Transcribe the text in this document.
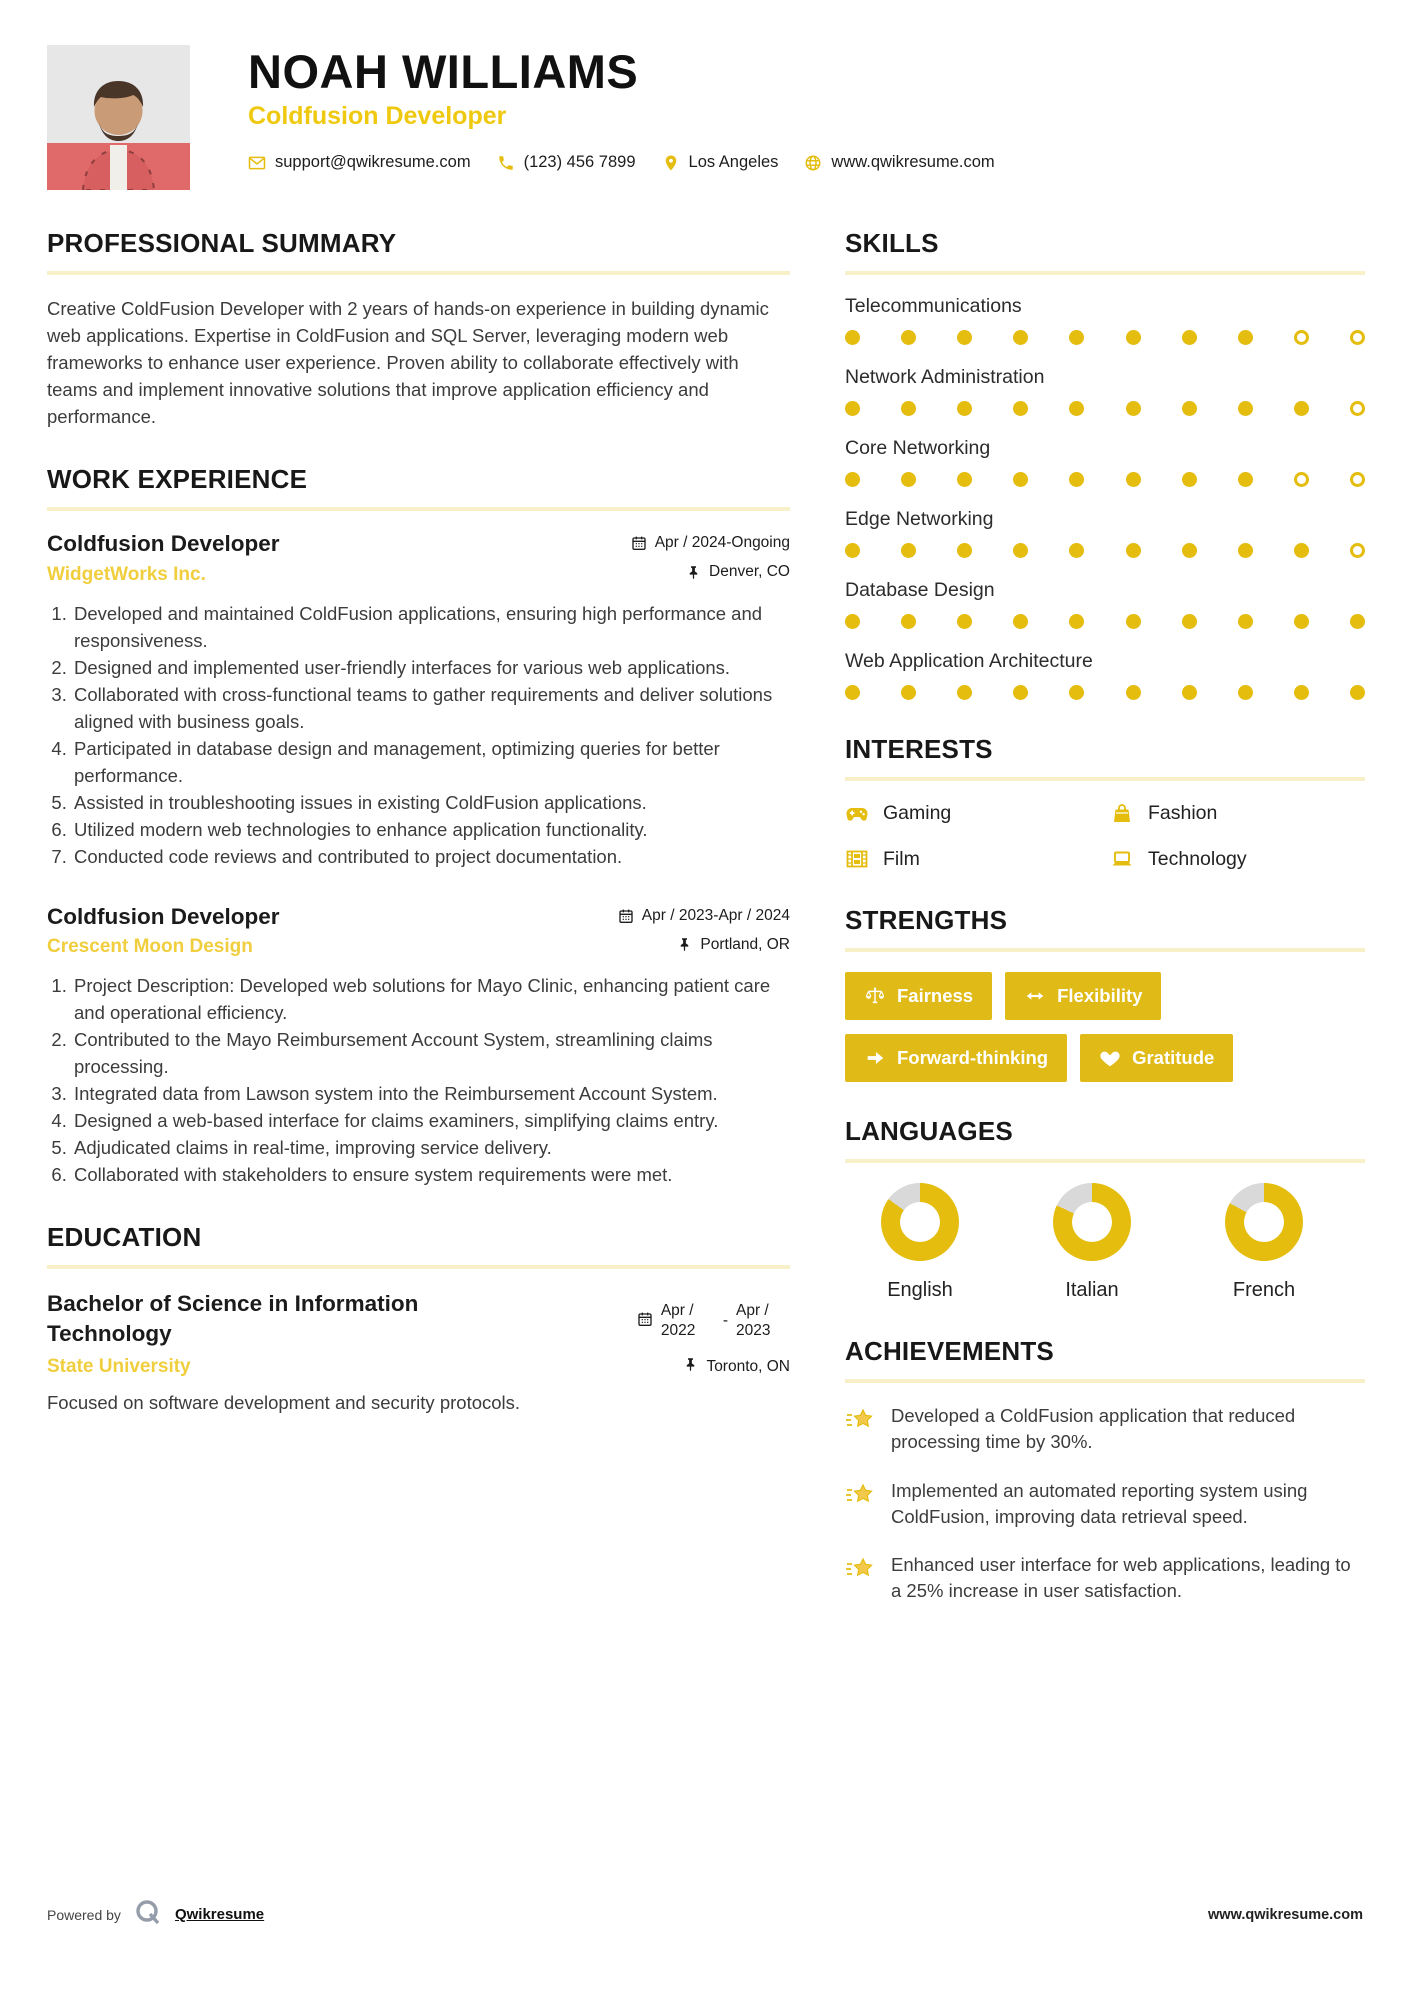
NOAH WILLIAMS
Coldfusion Developer
support@qwikresume.com	(123) 456 7899	Los Angeles	www.qwikresume.com
PROFESSIONAL SUMMARY

Creative ColdFusion Developer with 2 years of hands-on experience in building dynamic web applications. Expertise in ColdFusion and SQL Server, leveraging modern web frameworks to enhance user experience. Proven ability to collaborate effectively with teams and implement innovative solutions that improve application efficiency and performance.

WORK EXPERIENCE
Coldfusion Developer	Apr / 2024-Ongoing
WidgetWorks Inc.	Denver, CO
1. Developed and maintained ColdFusion applications, ensuring high performance and responsiveness.
2. Designed and implemented user-friendly interfaces for various web applications.
3. Collaborated with cross-functional teams to gather requirements and deliver solutions aligned with business goals.
4. Participated in database design and management, optimizing queries for better performance.
5. Assisted in troubleshooting issues in existing ColdFusion applications.
6. Utilized modern web technologies to enhance application functionality.
7. Conducted code reviews and contributed to project documentation.
Coldfusion Developer	Apr / 2023-Apr / 2024
Crescent Moon Design	Portland, OR
1. Project Description: Developed web solutions for Mayo Clinic, enhancing patient care and operational efficiency.
2. Contributed to the Mayo Reimbursement Account System, streamlining claims processing.
3. Integrated data from Lawson system into the Reimbursement Account System.
4. Designed a web-based interface for claims examiners, simplifying claims entry.
5. Adjudicated claims in real-time, improving service delivery.
6. Collaborated with stakeholders to ensure system requirements were met.
EDUCATION
Bachelor of Science in Information Technology
Apr / 2022
-
Apr / 2023
State University	Toronto, ON

Focused on software development and security protocols.

SKILLS
Telecommunications
Network Administration
Core Networking
Edge Networking
Database Design
Web Application Architecture
INTERESTS
Gaming	Fashion
Film	Technology
STRENGTHS
Fairness	Flexibility
Forward-thinking	Gratitude
LANGUAGES
English	Italian	French
ACHIEVEMENTS
Developed a ColdFusion application that reduced processing time by 30%.
Implemented an automated reporting system using ColdFusion, improving data retrieval speed.
Enhanced user interface for web applications, leading to a 25% increase in user satisfaction.
Powered by	Qwikresume	www.qwikresume.com
